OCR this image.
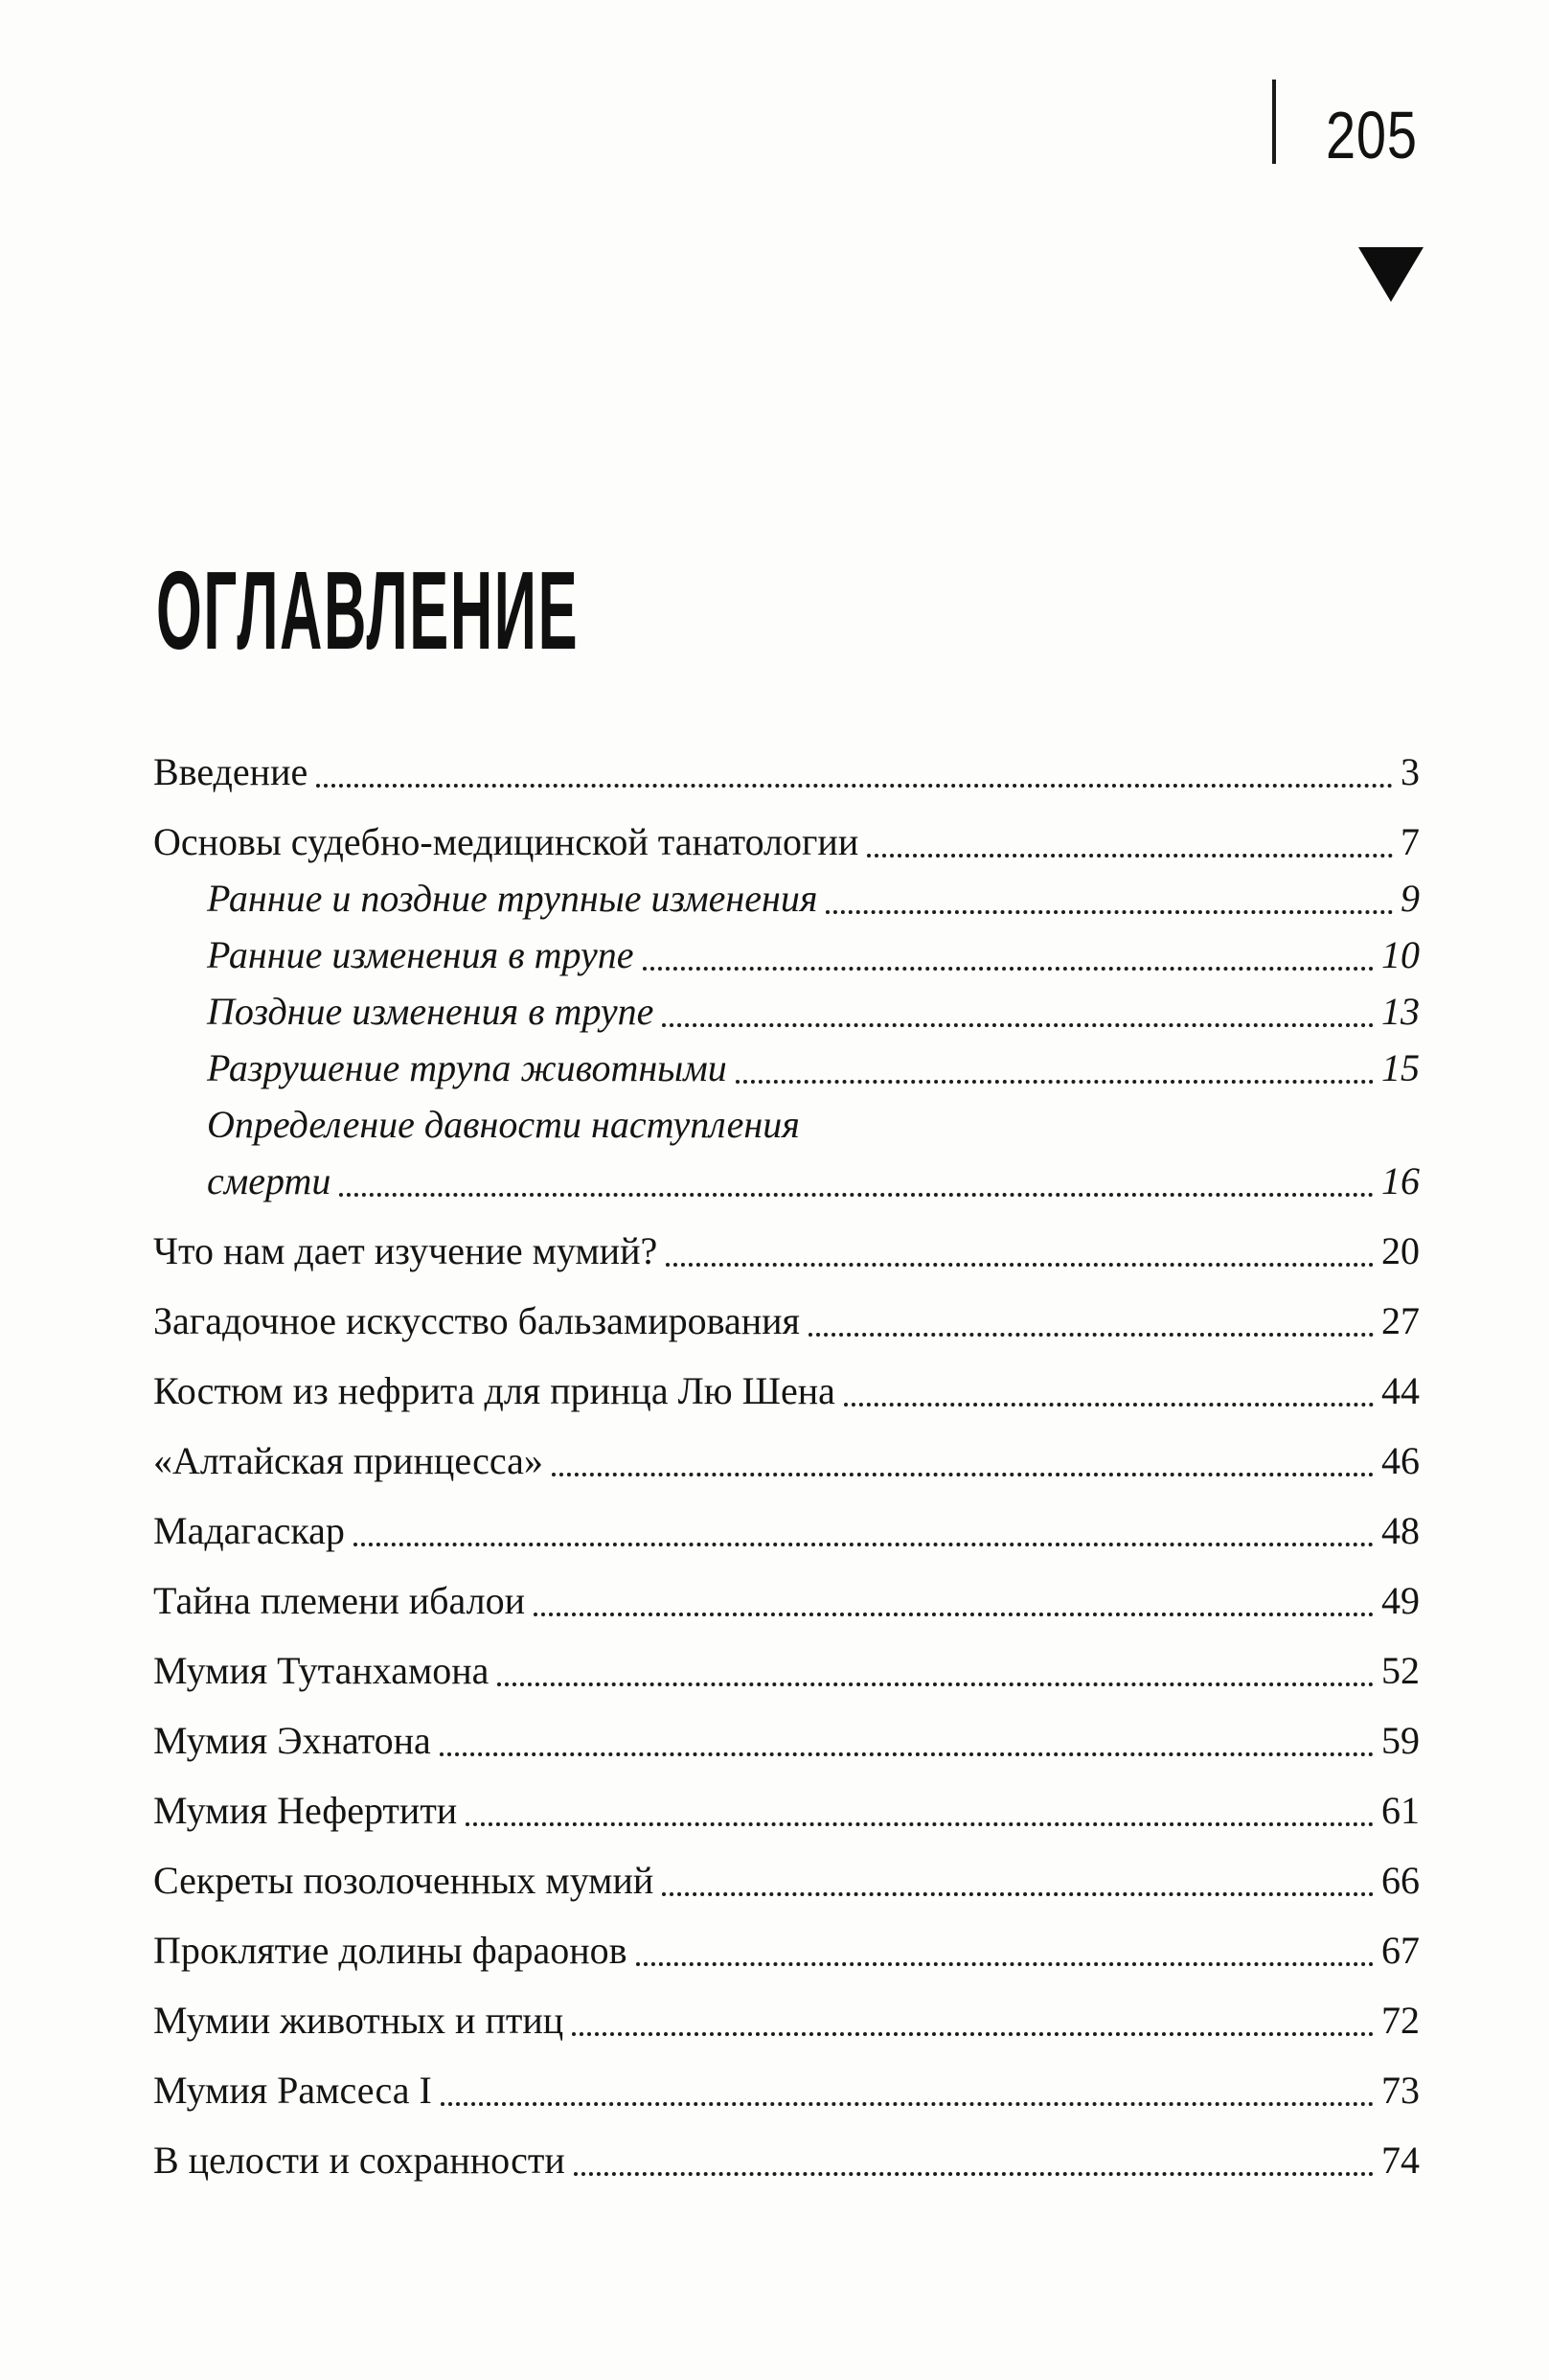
205
ОГЛАВЛЕНИЕ
Введение	3
Основы судебно-медицинской танатологии	7
Ранние и поздние трупные изменения	9
Ранние изменения в трупе	10
Поздние изменения в трупе	13
Разрушение трупа животными	15
Определение давности наступления
смерти	16
Что нам дает изучение мумий?	20
Загадочное искусство бальзамирования	27
Костюм из нефрита для принца Лю Шена	44
«Алтайская принцесса»	46
Мадагаскар	48
Тайна племени ибалои	49
Мумия Тутанхамона	52
Мумия Эхнатона	59
Мумия Нефертити	61
Секреты позолоченных мумий	66
Проклятие долины фараонов	67
Мумии животных и птиц	72
Мумия Рамсеса I	73
В целости и сохранности	74
